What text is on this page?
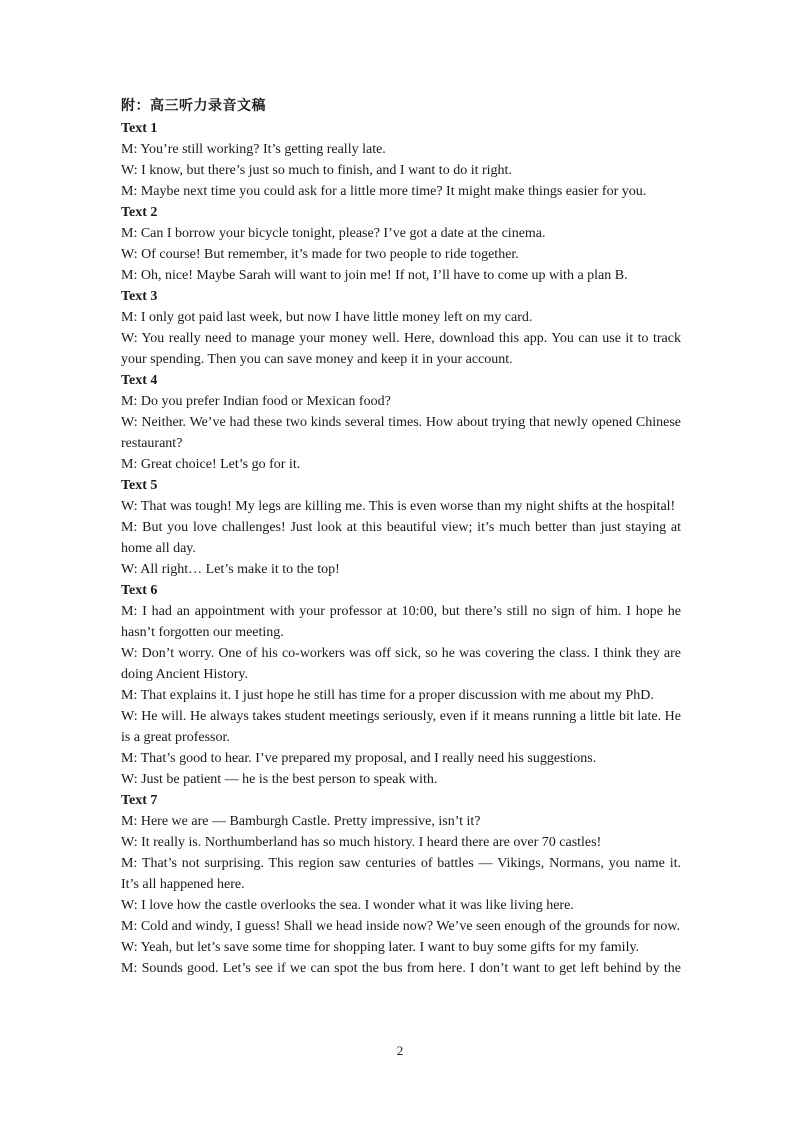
附：高三听力录音文稿
Text 1
M: You’re still working? It’s getting really late.
W: I know, but there’s just so much to finish, and I want to do it right.
M: Maybe next time you could ask for a little more time? It might make things easier for you.
Text 2
M: Can I borrow your bicycle tonight, please? I’ve got a date at the cinema.
W: Of course! But remember, it’s made for two people to ride together.
M: Oh, nice! Maybe Sarah will want to join me! If not, I’ll have to come up with a plan B.
Text 3
M: I only got paid last week, but now I have little money left on my card.
W: You really need to manage your money well. Here, download this app. You can use it to track your spending. Then you can save money and keep it in your account.
Text 4
M: Do you prefer Indian food or Mexican food?
W: Neither. We’ve had these two kinds several times. How about trying that newly opened Chinese restaurant?
M: Great choice! Let’s go for it.
Text 5
W: That was tough! My legs are killing me. This is even worse than my night shifts at the hospital!
M: But you love challenges! Just look at this beautiful view; it’s much better than just staying at home all day.
W: All right… Let’s make it to the top!
Text 6
M: I had an appointment with your professor at 10:00, but there’s still no sign of him. I hope he hasn’t forgotten our meeting.
W: Don’t worry. One of his co-workers was off sick, so he was covering the class. I think they are doing Ancient History.
M: That explains it. I just hope he still has time for a proper discussion with me about my PhD.
W: He will. He always takes student meetings seriously, even if it means running a little bit late. He is a great professor.
M: That’s good to hear. I’ve prepared my proposal, and I really need his suggestions.
W: Just be patient — he is the best person to speak with.
Text 7
M: Here we are — Bamburgh Castle. Pretty impressive, isn’t it?
W: It really is. Northumberland has so much history. I heard there are over 70 castles!
M: That’s not surprising. This region saw centuries of battles — Vikings, Normans, you name it. It’s all happened here.
W: I love how the castle overlooks the sea. I wonder what it was like living here.
M: Cold and windy, I guess! Shall we head inside now? We’ve seen enough of the grounds for now.
W: Yeah, but let’s save some time for shopping later. I want to buy some gifts for my family.
M: Sounds good. Let’s see if we can spot the bus from here. I don’t want to get left behind by the
2
